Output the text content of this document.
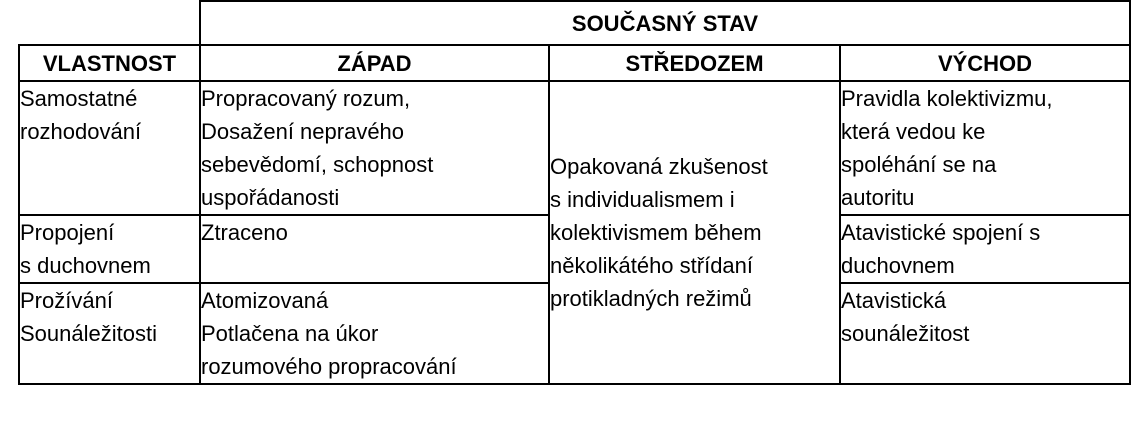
	SOUČASNÝ STAV		
VLASTNOST	ZÁPAD	STŘEDOZEM	VÝCHOD

Samostatné
rozhodování	Propracovaný rozum,
Dosažení nepravého
sebevědomí, schopnost
uspořádanosti	Opakovaná zkušenost
s individualismem i
kolektivismem během
několikátého střídaní
protikladných režimů	Pravidla kolektivizmu,
která vedou ke
spoléhání se na
autoritu

Propojení
s duchovnem	Ztraceno		Atavistické spojení s
duchovnem

Prožívání
Sounáležitosti	Atomizovaná
Potlačena na úkor
rozumového propracování		Atavistická
sounáležitost
